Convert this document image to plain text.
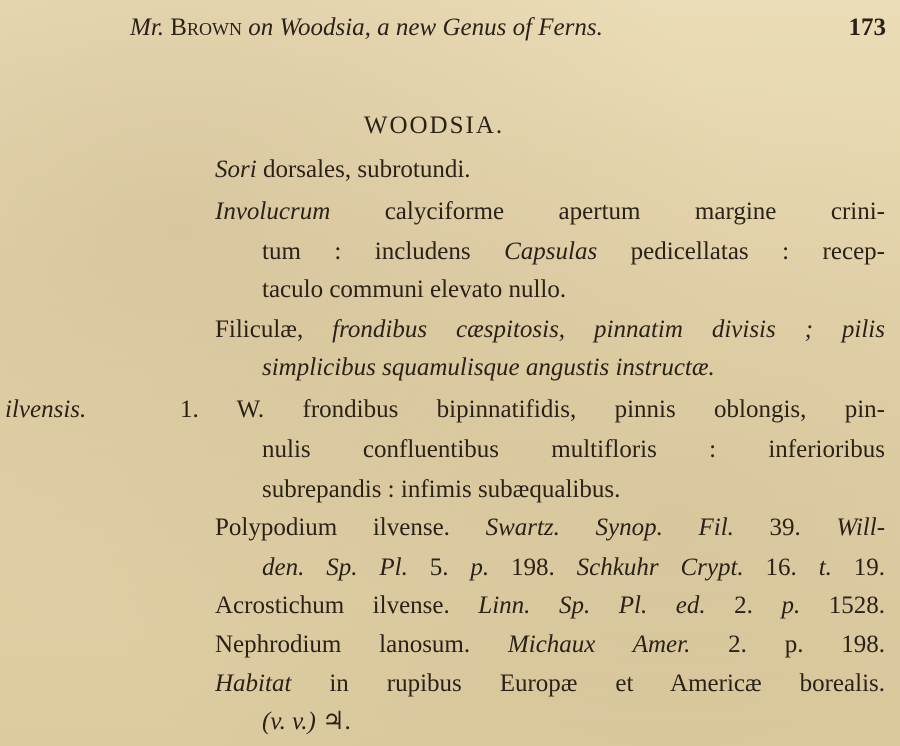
Mr. Brown on Woodsia, a new Genus of Ferns.	173
WOODSIA.
ilvensis.
Sori dorsales, subrotundi.
Involucrum calyciforme apertum margine crini-
tum : includens Capsulas pedicellatas : recep-
taculo communi elevato nullo.
Filiculæ, frondibus cæspitosis, pinnatim divisis ; pilis
simplicibus squamulisque angustis instructæ.
1. W. frondibus bipinnatifidis, pinnis oblongis, pin-
nulis confluentibus multifloris : inferioribus
subrepandis : infimis subæqualibus.
Polypodium ilvense. Swartz. Synop. Fil. 39. Will-
den. Sp. Pl. 5. p. 198. Schkuhr Crypt. 16. t. 19.
Acrostichum ilvense. Linn. Sp. Pl. ed. 2. p. 1528.
Nephrodium lanosum. Michaux Amer. 2. p. 198.
Habitat in rupibus Europæ et Americæ borealis.
(v. v.) ♃.
